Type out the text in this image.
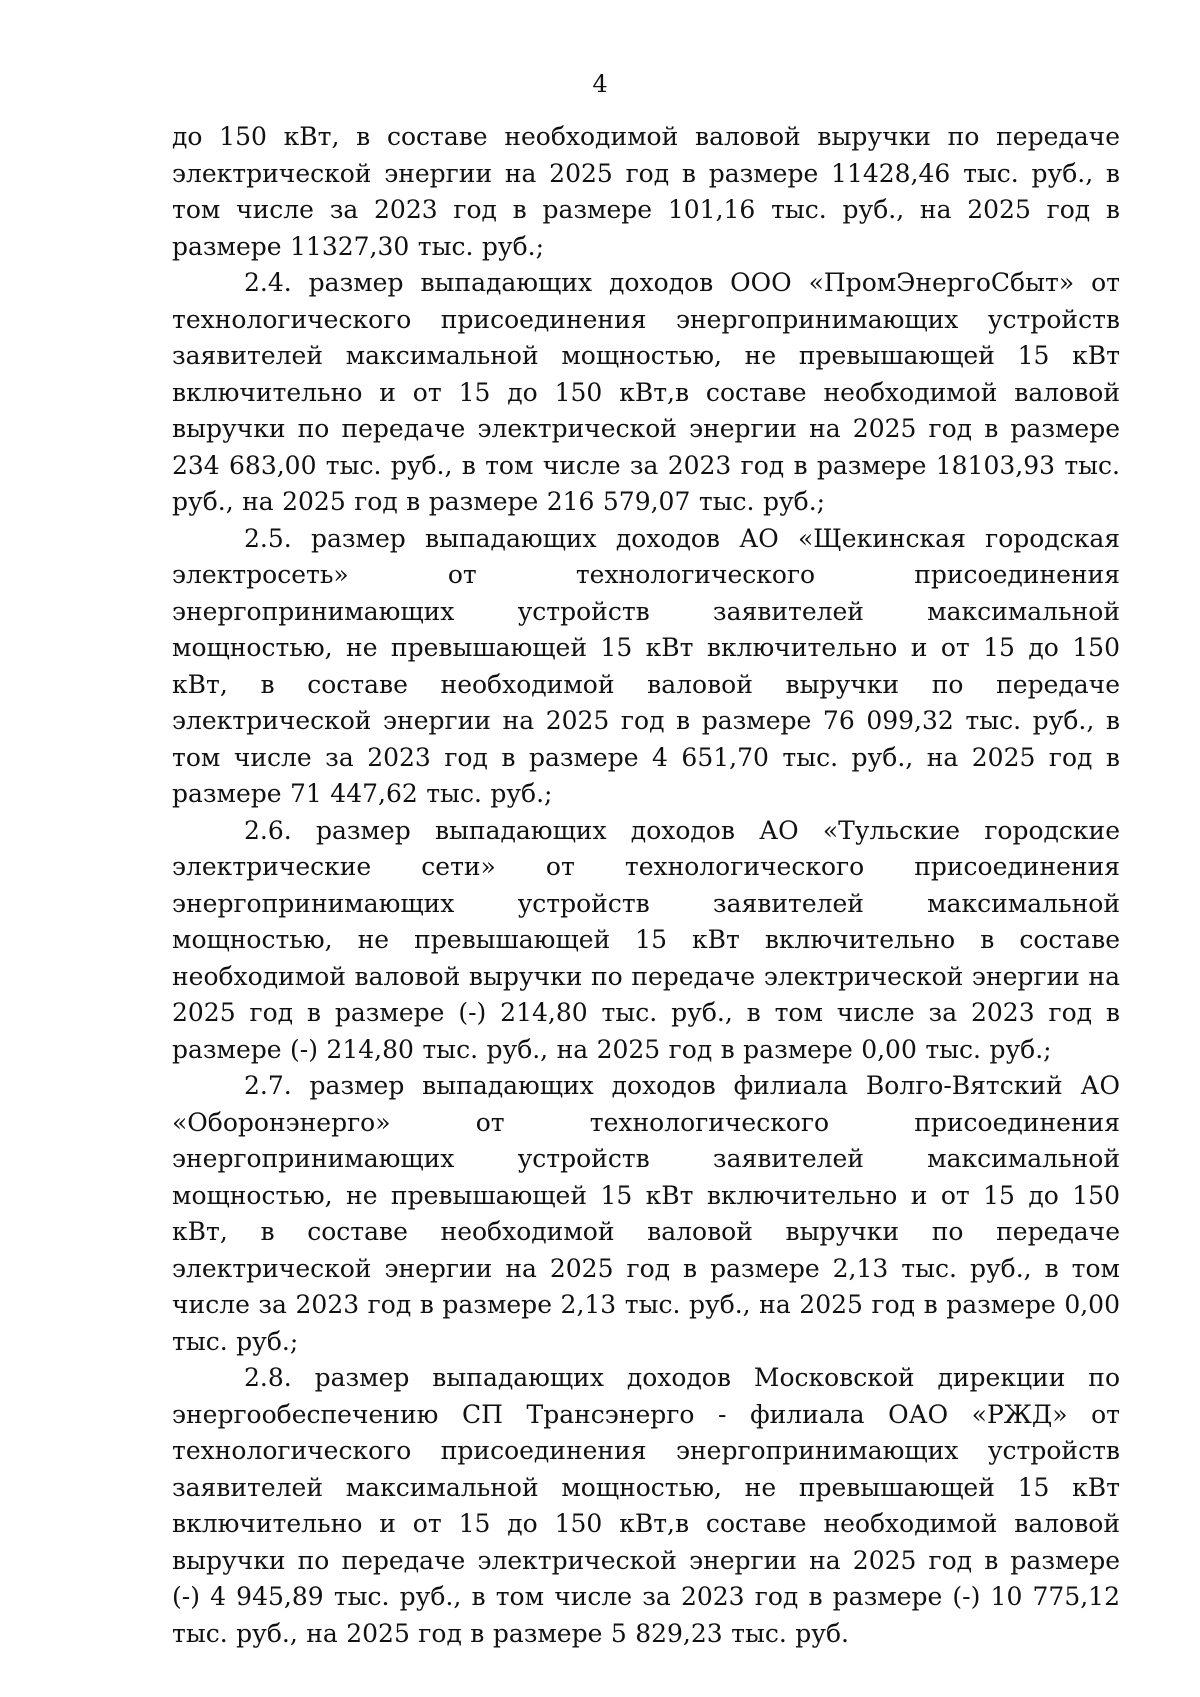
4

до 150 кВт, в составе необходимой валовой выручки по передаче электрической энергии на 2025 год в размере 11428,46 тыс. руб., в том числе за 2023 год в размере 101,16 тыс. руб., на 2025 год в размере 11327,30 тыс. руб.;

2.4. размер выпадающих доходов ООО «ПромЭнергоСбыт» от технологического присоединения энергопринимающих устройств заявителей максимальной мощностью, не превышающей 15 кВт включительно и от 15 до 150 кВт,в составе необходимой валовой выручки по передаче электрической энергии на 2025 год в размере 234 683,00 тыс. руб., в том числе за 2023 год в размере 18103,93 тыс. руб., на 2025 год в размере 216 579,07 тыс. руб.;

2.5. размер выпадающих доходов АО «Щекинская городская электросеть» от технологического присоединения энергопринимающих устройств заявителей максимальной мощностью, не превышающей 15 кВт включительно и от 15 до 150 кВт, в составе необходимой валовой выручки по передаче электрической энергии на 2025 год в размере 76 099,32 тыс. руб., в том числе за 2023 год в размере 4 651,70 тыс. руб., на 2025 год в размере 71 447,62 тыс. руб.;

2.6. размер выпадающих доходов АО «Тульские городские электрические сети» от технологического присоединения энергопринимающих устройств заявителей максимальной мощностью, не превышающей 15 кВт включительно в составе необходимой валовой выручки по передаче электрической энергии на 2025 год в размере (-) 214,80 тыс. руб., в том числе за 2023 год в размере (-) 214,80 тыс. руб., на 2025 год в размере 0,00 тыс. руб.;

2.7. размер выпадающих доходов филиала Волго-Вятский АО «Оборонэнерго» от технологического присоединения энергопринимающих устройств заявителей максимальной мощностью, не превышающей 15 кВт включительно и от 15 до 150 кВт, в составе необходимой валовой выручки по передаче электрической энергии на 2025 год в размере 2,13 тыс. руб., в том числе за 2023 год в размере 2,13 тыс. руб., на 2025 год в размере 0,00 тыс. руб.;

2.8. размер выпадающих доходов Московской дирекции по энергообеспечению СП Трансэнерго - филиала ОАО «РЖД» от технологического присоединения энергопринимающих устройств заявителей максимальной мощностью, не превышающей 15 кВт включительно и от 15 до 150 кВт,в составе необходимой валовой выручки по передаче электрической энергии на 2025 год в размере (-) 4 945,89 тыс. руб., в том числе за 2023 год в размере (-) 10 775,12 тыс. руб., на 2025 год в размере 5 829,23 тыс. руб.
